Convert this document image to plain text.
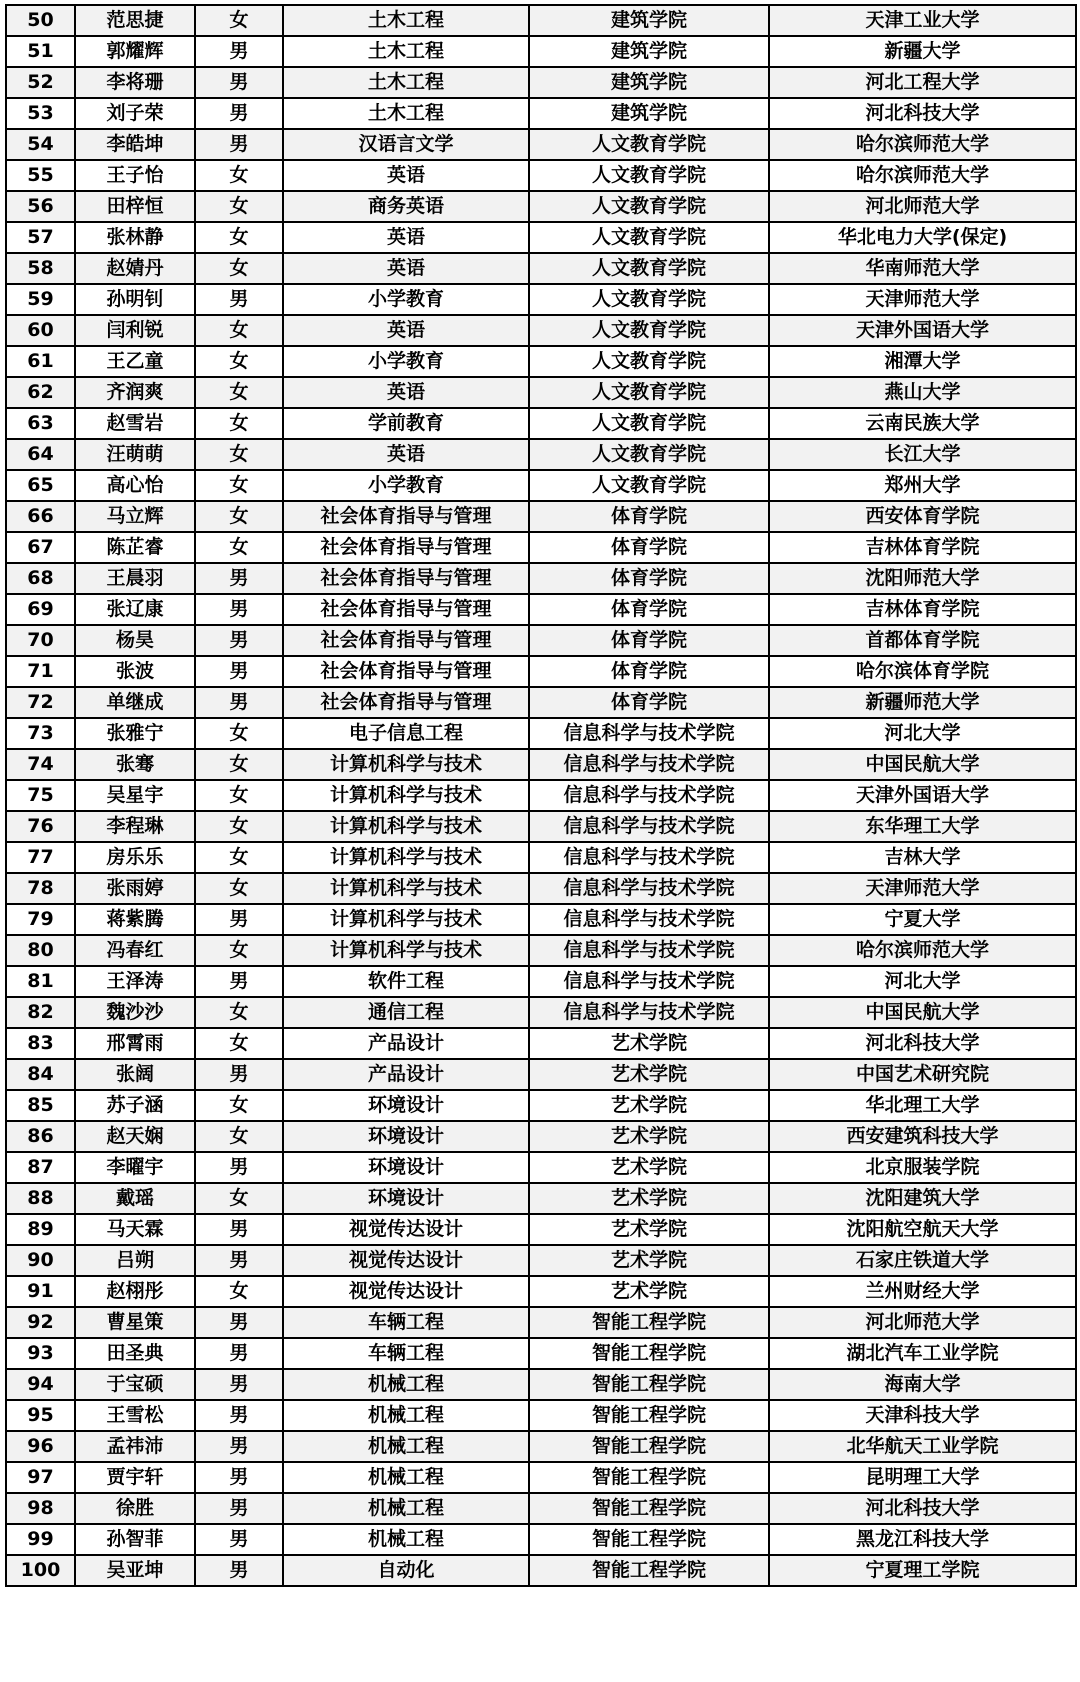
50	范思捷	女	土木工程	建筑学院	天津工业大学
51	郭耀辉	男	土木工程	建筑学院	新疆大学
52	李将珊	男	土木工程	建筑学院	河北工程大学
53	刘子荣	男	土木工程	建筑学院	河北科技大学
54	李皓坤	男	汉语言文学	人文教育学院	哈尔滨师范大学
55	王子怡	女	英语	人文教育学院	哈尔滨师范大学
56	田梓恒	女	商务英语	人文教育学院	河北师范大学
57	张林静	女	英语	人文教育学院	华北电力大学(保定)
58	赵婧丹	女	英语	人文教育学院	华南师范大学
59	孙明钊	男	小学教育	人文教育学院	天津师范大学
60	闫利锐	女	英语	人文教育学院	天津外国语大学
61	王乙童	女	小学教育	人文教育学院	湘潭大学
62	齐润爽	女	英语	人文教育学院	燕山大学
63	赵雪岩	女	学前教育	人文教育学院	云南民族大学
64	汪萌萌	女	英语	人文教育学院	长江大学
65	高心怡	女	小学教育	人文教育学院	郑州大学
66	马立辉	女	社会体育指导与管理	体育学院	西安体育学院
67	陈芷睿	女	社会体育指导与管理	体育学院	吉林体育学院
68	王晨羽	男	社会体育指导与管理	体育学院	沈阳师范大学
69	张辽康	男	社会体育指导与管理	体育学院	吉林体育学院
70	杨昊	男	社会体育指导与管理	体育学院	首都体育学院
71	张波	男	社会体育指导与管理	体育学院	哈尔滨体育学院
72	单继成	男	社会体育指导与管理	体育学院	新疆师范大学
73	张雅宁	女	电子信息工程	信息科学与技术学院	河北大学
74	张骞	女	计算机科学与技术	信息科学与技术学院	中国民航大学
75	吴星宇	女	计算机科学与技术	信息科学与技术学院	天津外国语大学
76	李程琳	女	计算机科学与技术	信息科学与技术学院	东华理工大学
77	房乐乐	女	计算机科学与技术	信息科学与技术学院	吉林大学
78	张雨婷	女	计算机科学与技术	信息科学与技术学院	天津师范大学
79	蒋紫腾	男	计算机科学与技术	信息科学与技术学院	宁夏大学
80	冯春红	女	计算机科学与技术	信息科学与技术学院	哈尔滨师范大学
81	王泽涛	男	软件工程	信息科学与技术学院	河北大学
82	魏沙沙	女	通信工程	信息科学与技术学院	中国民航大学
83	邢霄雨	女	产品设计	艺术学院	河北科技大学
84	张阔	男	产品设计	艺术学院	中国艺术研究院
85	苏子涵	女	环境设计	艺术学院	华北理工大学
86	赵天娴	女	环境设计	艺术学院	西安建筑科技大学
87	李曜宇	男	环境设计	艺术学院	北京服装学院
88	戴瑶	女	环境设计	艺术学院	沈阳建筑大学
89	马天霖	男	视觉传达设计	艺术学院	沈阳航空航天大学
90	吕朔	男	视觉传达设计	艺术学院	石家庄铁道大学
91	赵栩彤	女	视觉传达设计	艺术学院	兰州财经大学
92	曹星策	男	车辆工程	智能工程学院	河北师范大学
93	田圣典	男	车辆工程	智能工程学院	湖北汽车工业学院
94	于宝硕	男	机械工程	智能工程学院	海南大学
95	王雪松	男	机械工程	智能工程学院	天津科技大学
96	孟祎沛	男	机械工程	智能工程学院	北华航天工业学院
97	贾宇轩	男	机械工程	智能工程学院	昆明理工大学
98	徐胜	男	机械工程	智能工程学院	河北科技大学
99	孙智菲	男	机械工程	智能工程学院	黑龙江科技大学
100	吴亚坤	男	自动化	智能工程学院	宁夏理工学院
